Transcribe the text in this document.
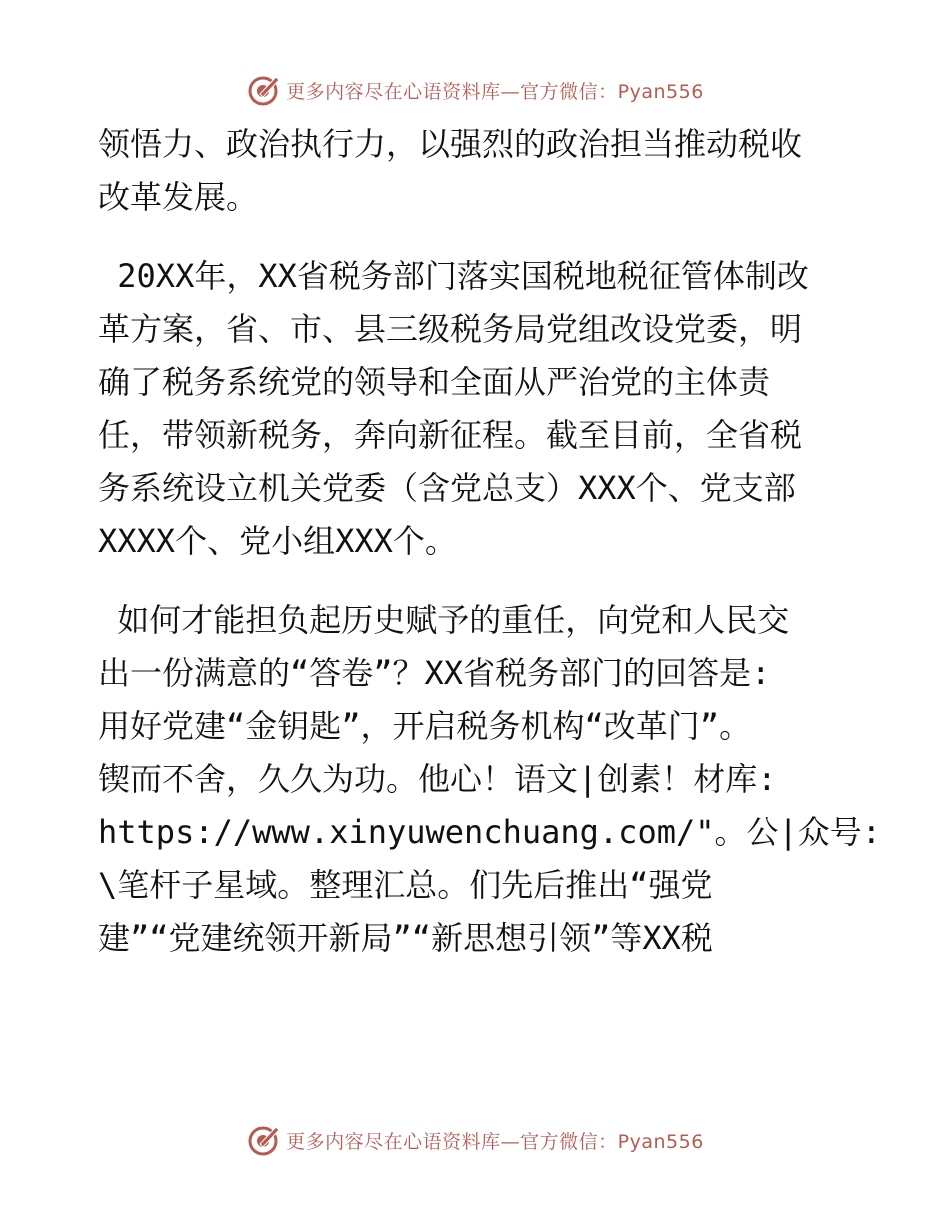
更多内容尽在心语资料库—官方微信：Pyan556
领悟力、政治执行力，以强烈的政治担当推动税收
改革发展。
20XX年，XX省税务部门落实国税地税征管体制改
革方案，省、市、县三级税务局党组改设党委，明
确了税务系统党的领导和全面从严治党的主体责
任，带领新税务，奔向新征程。截至目前，全省税
务系统设立机关党委（含党总支）XXX个、党支部
XXXX个、党小组XXX个。
如何才能担负起历史赋予的重任，向党和人民交
出一份满意的“答卷”？XX省税务部门的回答是:
用好党建“金钥匙”，开启税务机构“改革门”。
锲而不舍，久久为功。他心！语文|创素！材库:
https://www.xinyuwenchuang.com/"。公|众号:
\笔杆子星域。整理汇总。们先后推出“强党
建”“党建统领开新局”“新思想引领”等XX税
更多内容尽在心语资料库—官方微信：Pyan556
